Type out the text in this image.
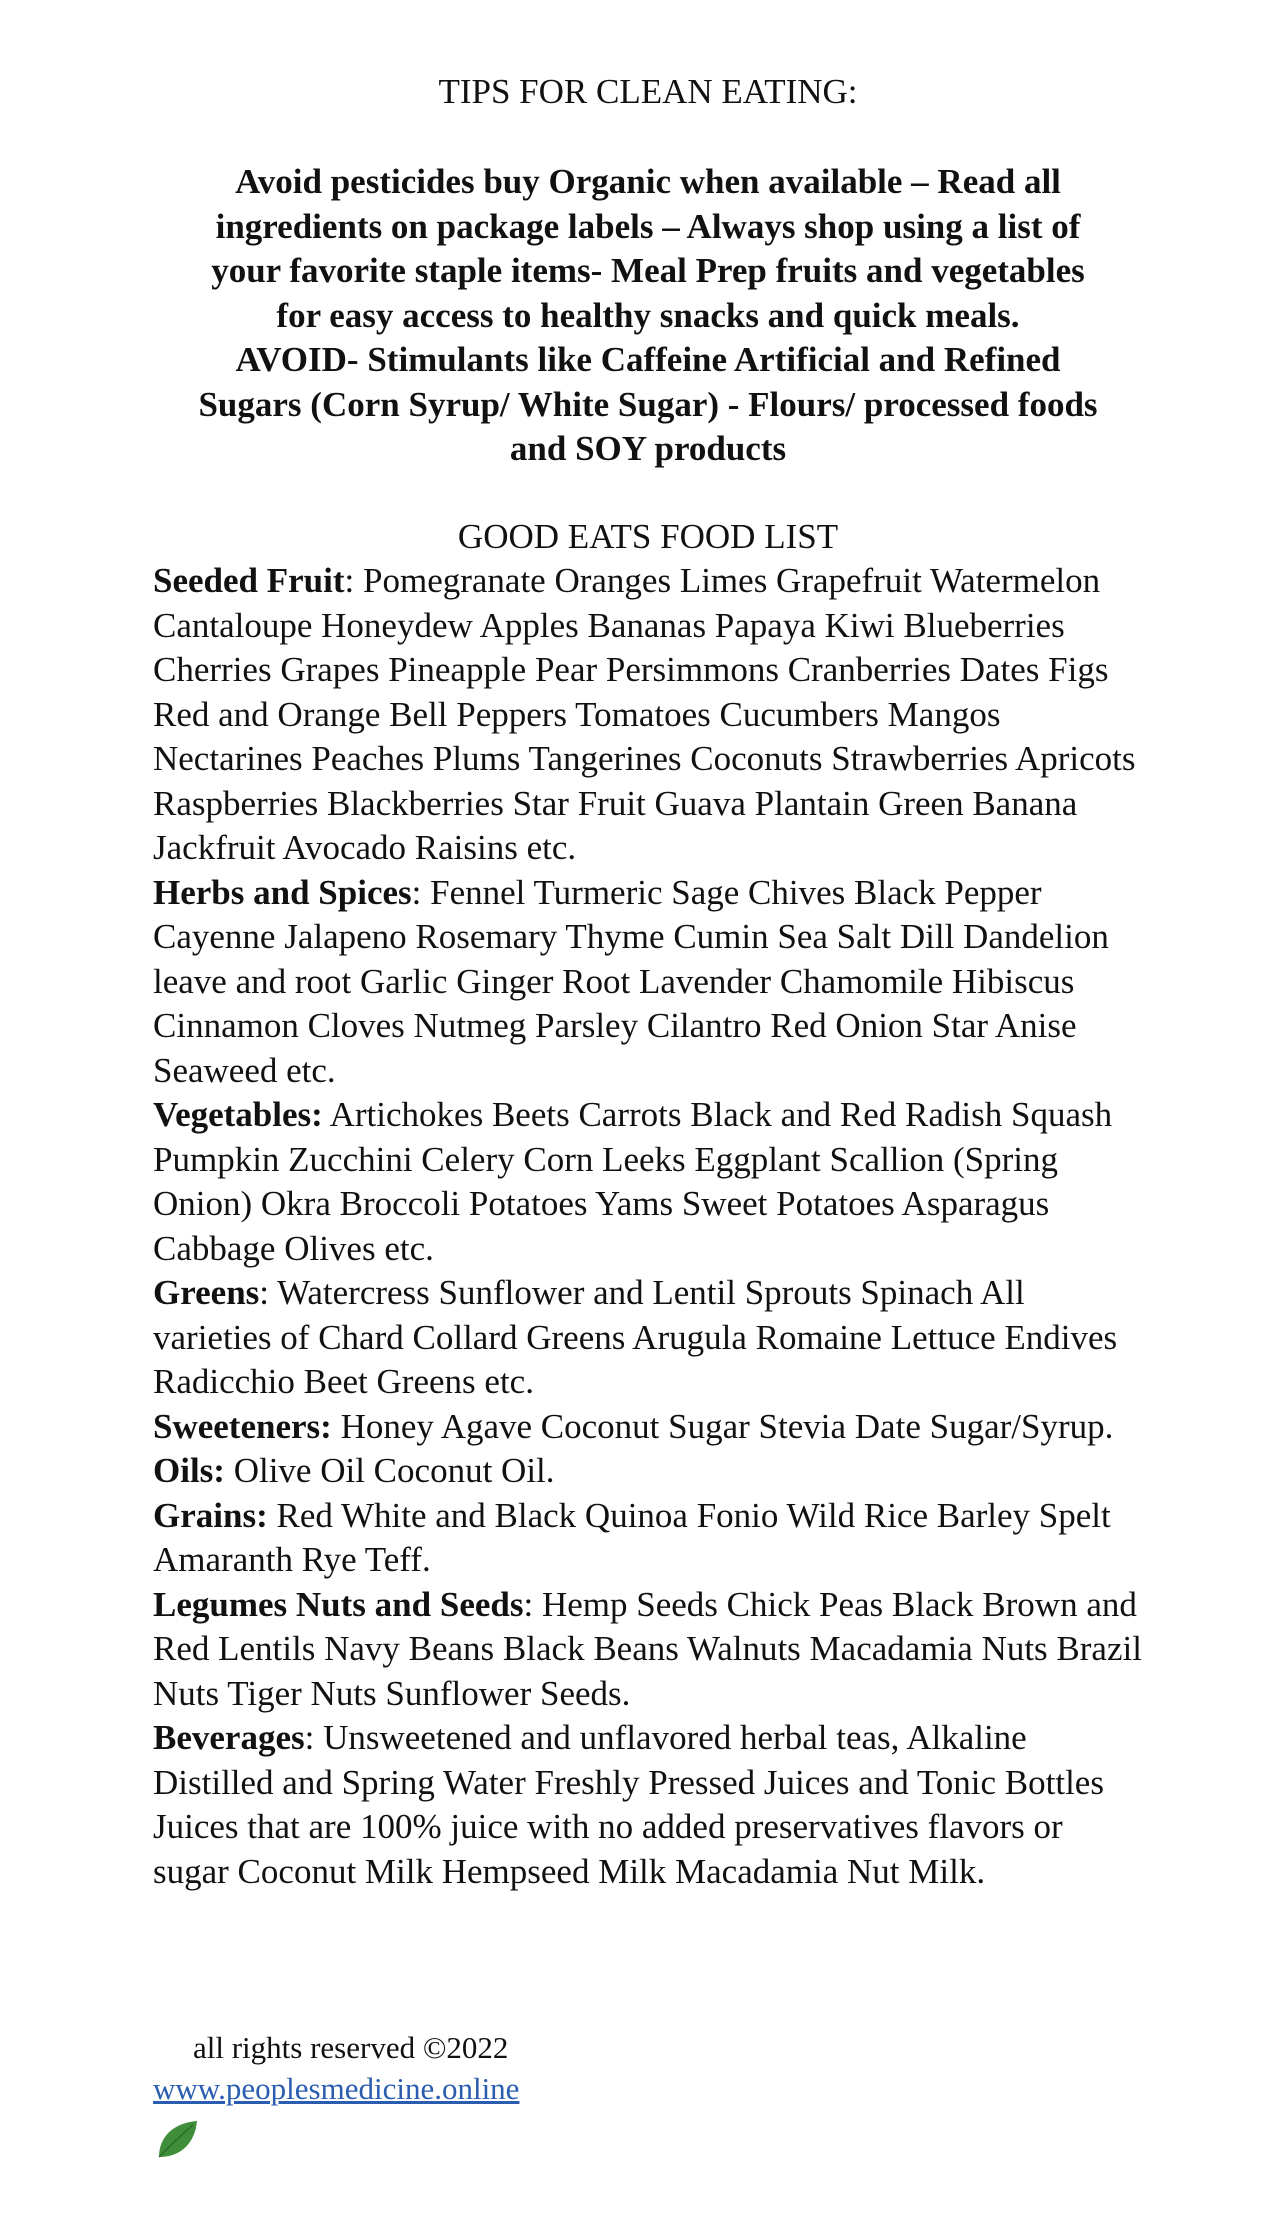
TIPS FOR CLEAN EATING:
Avoid pesticides buy Organic when available – Read all
ingredients on package labels – Always shop using a list of
your favorite staple items- Meal Prep fruits and vegetables
for easy access to healthy snacks and quick meals.
AVOID- Stimulants like Caffeine Artificial and Refined
Sugars (Corn Syrup/ White Sugar) - Flours/ processed foods
and SOY products
GOOD EATS FOOD LIST

Seeded Fruit: Pomegranate Oranges Limes Grapefruit Watermelon Cantaloupe Honeydew Apples Bananas Papaya Kiwi Blueberries Cherries Grapes Pineapple Pear Persimmons Cranberries Dates Figs Red and Orange Bell Peppers Tomatoes Cucumbers Mangos Nectarines Peaches Plums Tangerines Coconuts Strawberries Apricots Raspberries Blackberries Star Fruit Guava Plantain Green Banana Jackfruit Avocado Raisins etc.

Herbs and Spices: Fennel Turmeric Sage Chives Black Pepper Cayenne Jalapeno Rosemary Thyme Cumin Sea Salt Dill Dandelion leave and root Garlic Ginger Root Lavender Chamomile Hibiscus Cinnamon Cloves Nutmeg Parsley Cilantro Red Onion Star Anise Seaweed etc.

Vegetables: Artichokes Beets Carrots Black and Red Radish Squash Pumpkin Zucchini Celery Corn Leeks Eggplant Scallion (Spring Onion) Okra Broccoli Potatoes Yams Sweet Potatoes Asparagus Cabbage Olives etc.

Greens: Watercress Sunflower and Lentil Sprouts Spinach All varieties of Chard Collard Greens Arugula Romaine Lettuce Endives Radicchio Beet Greens etc.

Sweeteners: Honey Agave Coconut Sugar Stevia Date Sugar/Syrup.

Oils: Olive Oil Coconut Oil.

Grains: Red White and Black Quinoa Fonio Wild Rice Barley Spelt Amaranth Rye Teff.

Legumes Nuts and Seeds: Hemp Seeds Chick Peas Black Brown and Red Lentils Navy Beans Black Beans Walnuts Macadamia Nuts Brazil Nuts Tiger Nuts Sunflower Seeds.

Beverages: Unsweetened and unflavored herbal teas, Alkaline Distilled and Spring Water Freshly Pressed Juices and Tonic Bottles Juices that are 100% juice with no added preservatives flavors or sugar Coconut Milk Hempseed Milk Macadamia Nut Milk.

all rights reserved ©2022
www.peoplesmedicine.online
